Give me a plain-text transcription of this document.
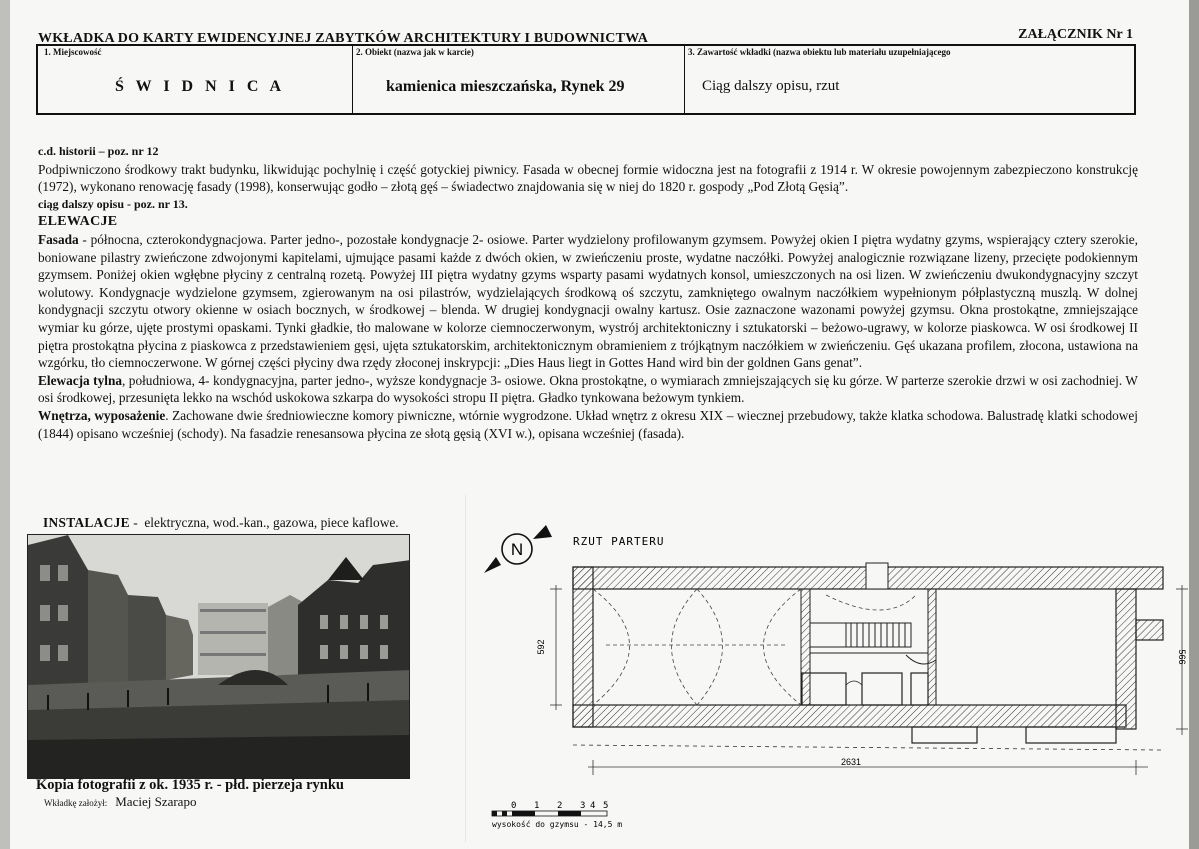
WKŁADKA DO KARTY EWIDENCYJNEJ ZABYTKÓW ARCHITEKTURY I BUDOWNICTWA	ZAŁĄCZNIK Nr 1
1. Miejscowość
Ś W I D N I C A
2. Obiekt (nazwa jak w karcie)
kamienica mieszczańska, Rynek 29
3. Zawartość wkładki (nazwa obiektu lub materiału uzupełniającego
Ciąg dalszy opisu, rzut

c.d. historii – poz. nr 12

Podpiwniczono środkowy trakt budynku, likwidując pochylnię i część gotyckiej piwnicy. Fasada w obecnej formie widoczna jest na fotografii z 1914 r. W okresie powojennym zabezpieczono konstrukcję (1972), wykonano renowację fasady (1998), konserwując godło – złotą gęś – świadectwo znajdowania się w niej do 1820 r. gospody „Pod Złotą Gęsią”.

ciąg dalszy opisu - poz. nr 13.

ELEWACJE

Fasada - północna, czterokondygnacjowa. Parter jedno-, pozostałe kondygnacje 2- osiowe. Parter wydzielony profilowanym gzymsem. Powyżej okien I piętra wydatny gzyms, wspierający cztery szerokie, boniowane pilastry zwieńczone zdwojonymi kapitelami, ujmujące pasami każde z dwóch okien, w zwieńczeniu proste, wydatne naczółki. Powyżej analogicznie rozwiązane lizeny, przecięte podokiennym gzymsem. Poniżej okien wgłębne płyciny z centralną rozetą. Powyżej III piętra wydatny gzyms wsparty pasami wydatnych konsol, umieszczonych na osi lizen. W zwieńczeniu dwukondygnacyjny szczyt wolutowy. Kondygnacje wydzielone gzymsem, zgierowanym na osi pilastrów, wydzielających środkową oś szczytu, zamkniętego owalnym naczółkiem wypełnionym półplastyczną muszlą. W dolnej kondygnacji szczytu otwory okienne w osiach bocznych, w środkowej – blenda. W drugiej kondygnacji owalny kartusz. Osie zaznaczone wazonami powyżej gzymsu. Okna prostokątne, zmniejszające wymiar ku górze, ujęte prostymi opaskami. Tynki gładkie, tło malowane w kolorze ciemnoczerwonym, wystrój architektoniczny i sztukatorski – beżowo-ugrawy, w kolorze piaskowca. W osi środkowej II piętra prostokątna płycina z piaskowca z przedstawieniem gęsi, ujęta sztukatorskim, architektonicznym obramieniem z trójkątnym naczółkiem w zwieńczeniu. Gęś ukazana profilem, złocona, ustawiona na wzgórku, tło ciemnoczerwone. W górnej części płyciny dwa rzędy złoconej inskrypcji: „Dies Haus liegt in Gottes Hand wird bin der goldnen Gans genat”.

Elewacja tylna, południowa, 4- kondygnacyjna, parter jedno-, wyższe kondygnacje 3- osiowe. Okna prostokątne, o wymiarach zmniejszających się ku górze. W parterze szerokie drzwi w osi zachodniej. W osi środkowej, przesunięta lekko na wschód uskokowa szkarpa do wysokości stropu II piętra. Gładko tynkowana beżowym tynkiem.

Wnętrza, wyposażenie. Zachowane dwie średniowieczne komory piwniczne, wtórnie wygrodzone. Układ wnętrz z okresu XIX – wiecznej przebudowy, także klatka schodowa. Balustradę klatki schodowej (1844) opisano wcześniej (schody). Na fasadzie renesansowa płycina ze słotą gęsią (XVI w.), opisana wcześniej (fasada).

INSTALACJE -  elektryczna, wod.-kan., gazowa, piece kaflowe.
Kopia fotografii z ok. 1935 r. - płd. pierzeja rynku
Wkładkę założył: Maciej Szarapo
N	RZUT PARTERU
2631
592
566
0 1 2 3 4 5
wysokość do gzymsu - 14,5 m
